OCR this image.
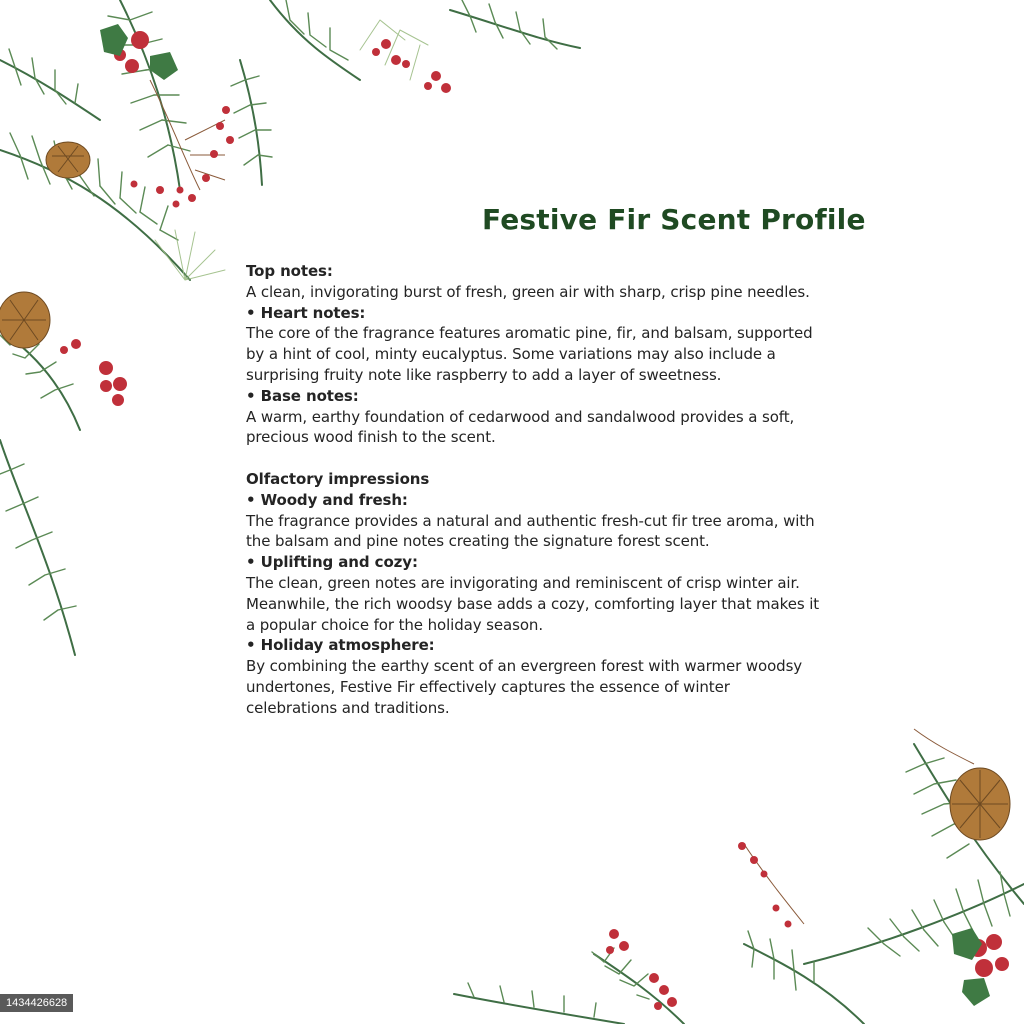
Festive Fir Scent Profile

Top notes:

A clean, invigorating burst of fresh, green air with sharp, crisp pine needles.

• Heart notes:

The core of the fragrance features aromatic pine, fir, and balsam, supported

by a hint of cool, minty eucalyptus. Some variations may also include a

surprising fruity note like raspberry to add a layer of sweetness.

• Base notes:

A warm, earthy foundation of cedarwood and sandalwood provides a soft,

precious wood finish to the scent.

Olfactory impressions

• Woody and fresh:

The fragrance provides a natural and authentic fresh-cut fir tree aroma, with

the balsam and pine notes creating the signature forest scent.

• Uplifting and cozy:

The clean, green notes are invigorating and reminiscent of crisp winter air.

Meanwhile, the rich woodsy base adds a cozy, comforting layer that makes it

a popular choice for the holiday season.

• Holiday atmosphere:

By combining the earthy scent of an evergreen forest with warmer woodsy

undertones, Festive Fir effectively captures the essence of winter

celebrations and traditions.

1434426628
